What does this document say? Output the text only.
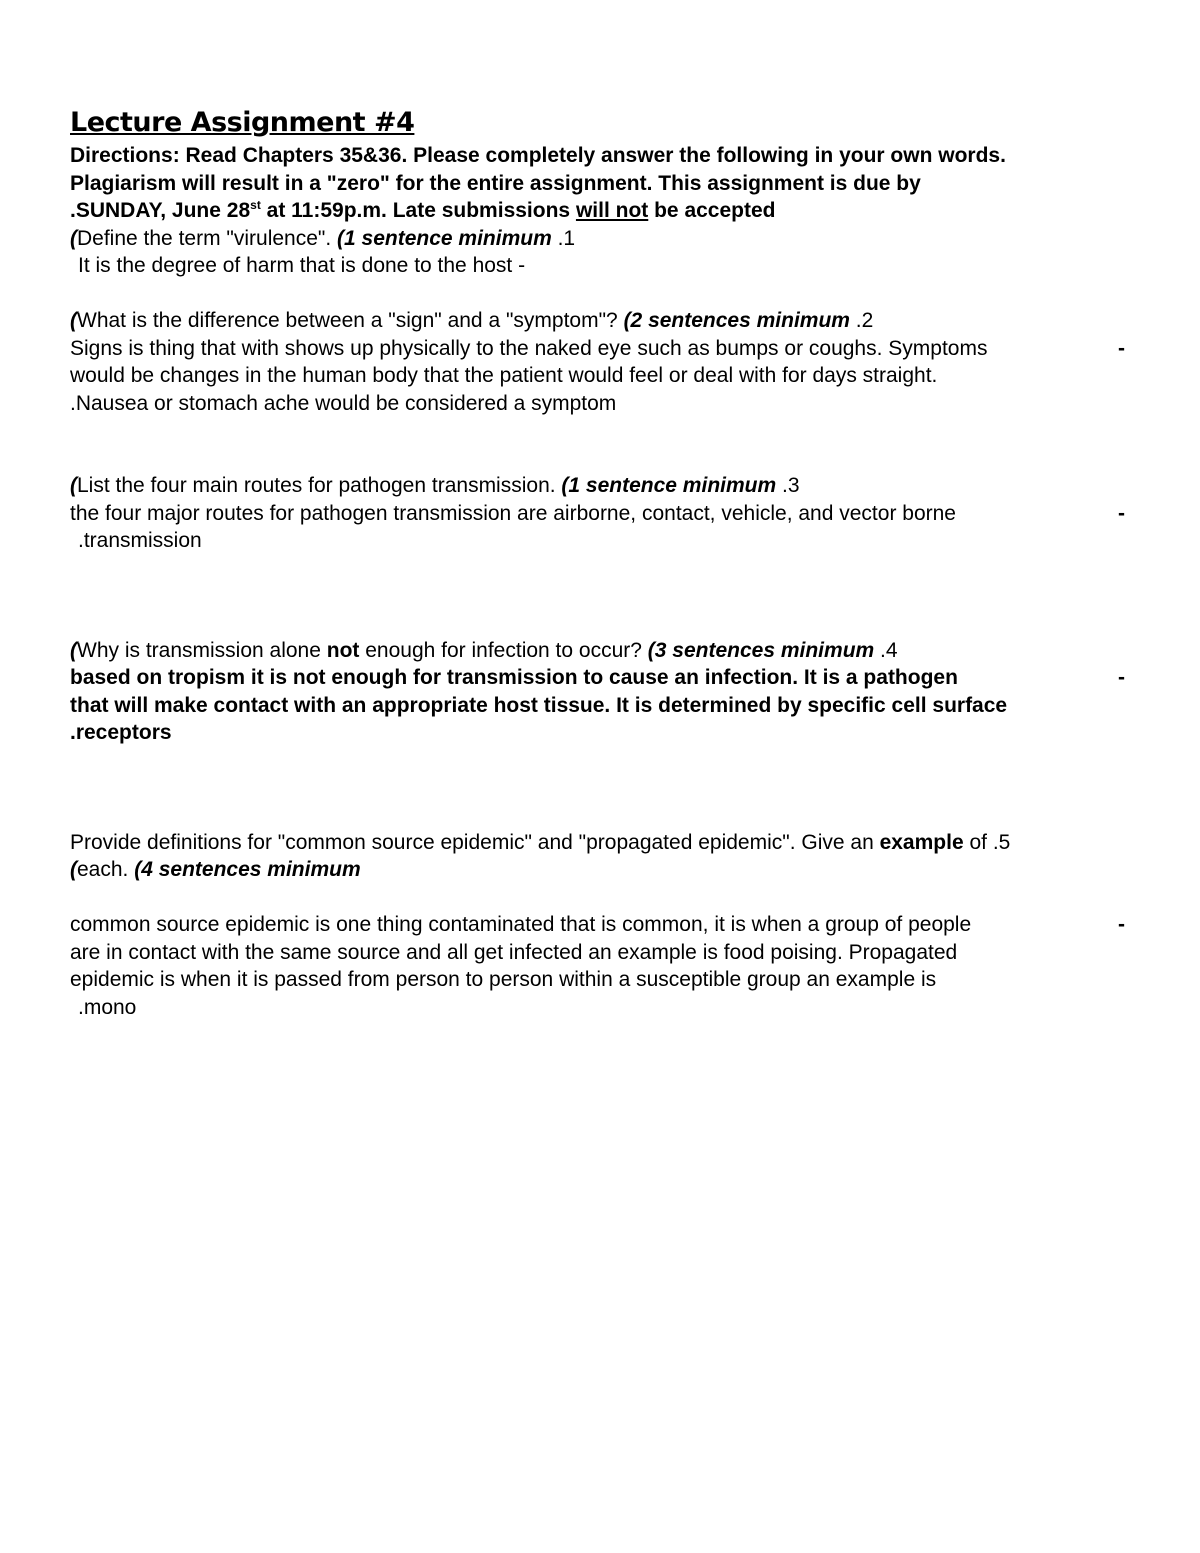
Lecture Assignment #4
Directions: Read Chapters 35&36. Please completely answer the following in your own words.
Plagiarism will result in a "zero" for the entire assignment. This assignment is due by
.SUNDAY, June 28st at 11:59p.m. Late submissions will not be accepted
(Define the term "virulence". (1 sentence minimum .1
It is the degree of harm that is done to the host -
(What is the difference between a "sign" and a "symptom"? (2 sentences minimum .2
Signs is thing that with shows up physically to the naked eye such as bumps or coughs. Symptoms	-
would be changes in the human body that the patient would feel or deal with for days straight.
.Nausea or stomach ache would be considered a symptom
(List the four main routes for pathogen transmission. (1 sentence minimum .3
the four major routes for pathogen transmission are airborne, contact, vehicle, and vector borne	-
.transmission
(Why is transmission alone not enough for infection to occur? (3 sentences minimum .4
based on tropism it is not enough for transmission to cause an infection. It is a pathogen	-
that will make contact with an appropriate host tissue. It is determined by specific cell surface
.receptors
Provide definitions for "common source epidemic" and "propagated epidemic". Give an example of .5
(each. (4 sentences minimum
common source epidemic is one thing contaminated that is common, it is when a group of people	-
are in contact with the same source and all get infected an example is food poising. Propagated
epidemic is when it is passed from person to person within a susceptible group an example is
.mono
